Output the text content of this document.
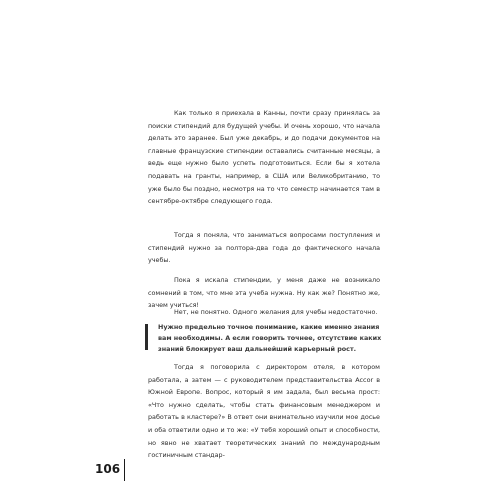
Как только я приехала в Канны, почти сразу принялась за поиски стипендий для будущей учебы. И очень хорошо, что начала делать это заранее. Был уже декабрь, и до подачи документов на главные французские стипендии оставались считанные месяцы, а ведь еще нужно было успеть подготовиться. Если бы я хотела подавать на гранты, например, в США или Великобританию, то уже было бы поздно, несмотря на то что семестр начинается там в сентябре-октябре следующего года.

Тогда я поняла, что заниматься вопросами поступления и стипендий нужно за полтора-два года до фактического начала учебы.

Пока я искала стипендии, у меня даже не возникало сомнений в том, что мне эта учеба нужна. Ну как же? Понятно же, зачем учиться!

Нет, не понятно. Одного желания для учебы недостаточно.

Нужно предельно точное понимание, какие именно знания вам необходимы. А если говорить точнее, отсутствие каких знаний блокирует ваш дальнейший карьерный рост.

Тогда я поговорила с директором отеля, в котором работала, а затем — с руководителем представительства Accor в Южной Европе. Вопрос, который я им задала, был весьма прост: «Что нужно сделать, чтобы стать финансовым менеджером и работать в кластере?» В ответ они внимательно изучили мое досье и оба ответили одно и то же: «У тебя хороший опыт и способности, но явно не хватает теоретических знаний по международным гостиничным стандар-

106
